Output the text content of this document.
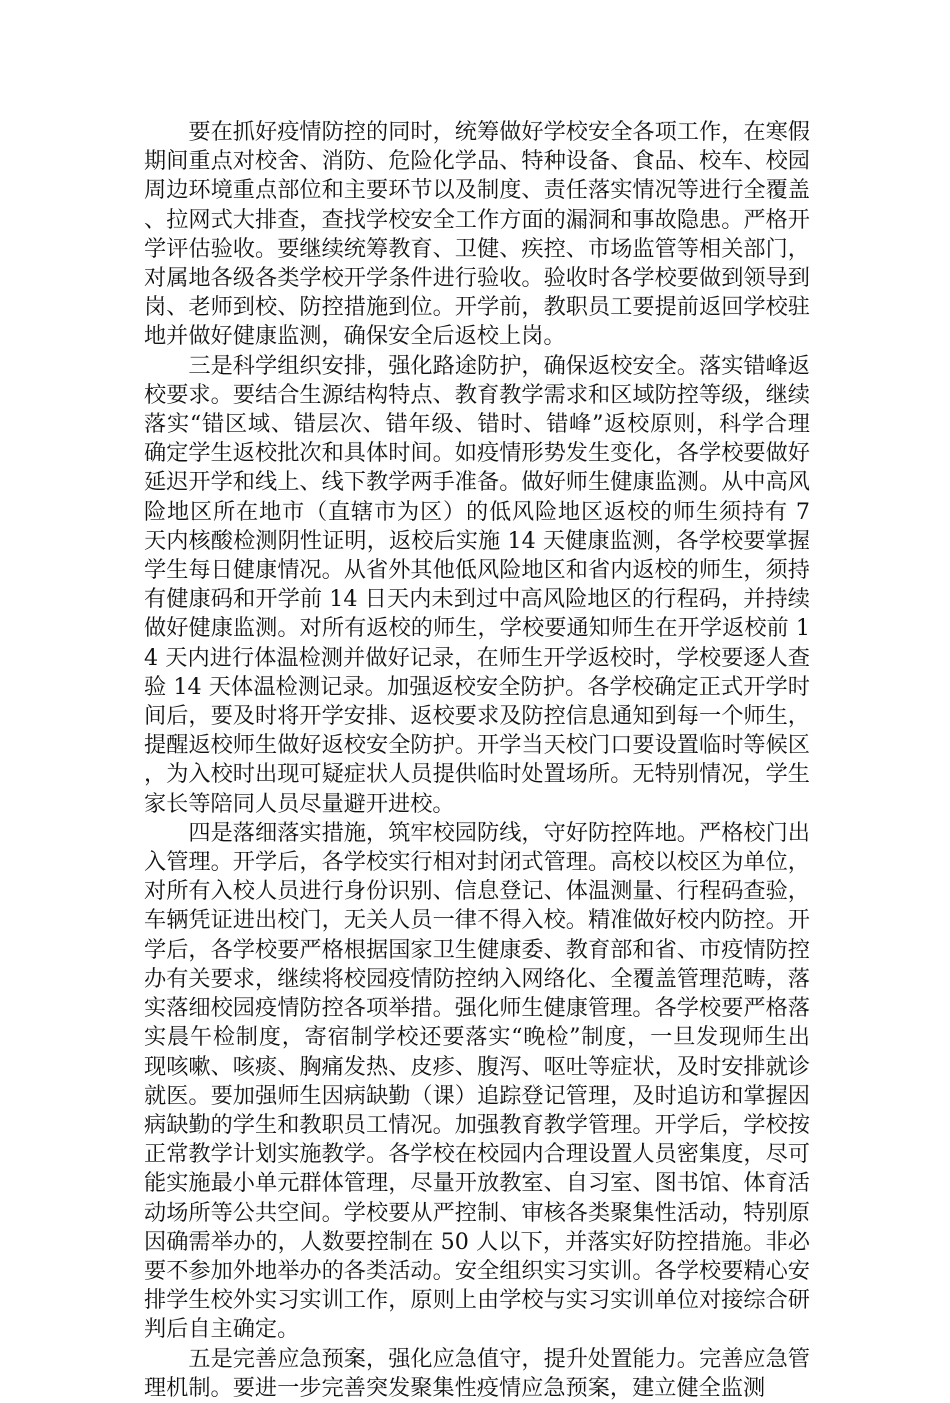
要在抓好疫情防控的同时，统筹做好学校安全各项工作，在寒假期间重点对校舍、消防、危险化学品、特种设备、食品、校车、校园周边环境重点部位和主要环节以及制度、责任落实情况等进行全覆盖、拉网式大排查，查找学校安全工作方面的漏洞和事故隐患。严格开学评估验收。要继续统筹教育、卫健、疾控、市场监管等相关部门，对属地各级各类学校开学条件进行验收。验收时各学校要做到领导到岗、老师到校、防控措施到位。开学前，教职员工要提前返回学校驻地并做好健康监测，确保安全后返校上岗。

三是科学组织安排，强化路途防护，确保返校安全。落实错峰返校要求。要结合生源结构特点、教育教学需求和区域防控等级，继续落实“错区域、错层次、错年级、错时、错峰”返校原则，科学合理确定学生返校批次和具体时间。如疫情形势发生变化，各学校要做好延迟开学和线上、线下教学两手准备。做好师生健康监测。从中高风险地区所在地市（直辖市为区）的低风险地区返校的师生须持有 7 天内核酸检测阴性证明，返校后实施 14 天健康监测，各学校要掌握学生每日健康情况。从省外其他低风险地区和省内返校的师生，须持有健康码和开学前 14 日天内未到过中高风险地区的行程码，并持续做好健康监测。对所有返校的师生，学校要通知师生在开学返校前 14 天内进行体温检测并做好记录，在师生开学返校时，学校要逐人查验 14 天体温检测记录。加强返校安全防护。各学校确定正式开学时间后，要及时将开学安排、返校要求及防控信息通知到每一个师生，提醒返校师生做好返校安全防护。开学当天校门口要设置临时等候区，为入校时出现可疑症状人员提供临时处置场所。无特别情况，学生家长等陪同人员尽量避开进校。

四是落细落实措施，筑牢校园防线，守好防控阵地。严格校门出入管理。开学后，各学校实行相对封闭式管理。高校以校区为单位，对所有入校人员进行身份识别、信息登记、体温测量、行程码查验，车辆凭证进出校门，无关人员一律不得入校。精准做好校内防控。开学后，各学校要严格根据国家卫生健康委、教育部和省、市疫情防控办有关要求，继续将校园疫情防控纳入网络化、全覆盖管理范畴，落实落细校园疫情防控各项举措。强化师生健康管理。各学校要严格落实晨午检制度，寄宿制学校还要落实“晚检”制度，一旦发现师生出现咳嗽、咳痰、胸痛发热、皮疹、腹泻、呕吐等症状，及时安排就诊就医。要加强师生因病缺勤（课）追踪登记管理，及时追访和掌握因病缺勤的学生和教职员工情况。加强教育教学管理。开学后，学校按正常教学计划实施教学。各学校在校园内合理设置人员密集度，尽可能实施最小单元群体管理，尽量开放教室、自习室、图书馆、体育活动场所等公共空间。学校要从严控制、审核各类聚集性活动，特别原因确需举办的，人数要控制在 50 人以下，并落实好防控措施。非必要不参加外地举办的各类活动。安全组织实习实训。各学校要精心安排学生校外实习实训工作，原则上由学校与实习实训单位对接综合研判后自主确定。

五是完善应急预案，强化应急值守，提升处置能力。完善应急管理机制。要进一步完善突发聚集性疫情应急预案，建立健全监测
